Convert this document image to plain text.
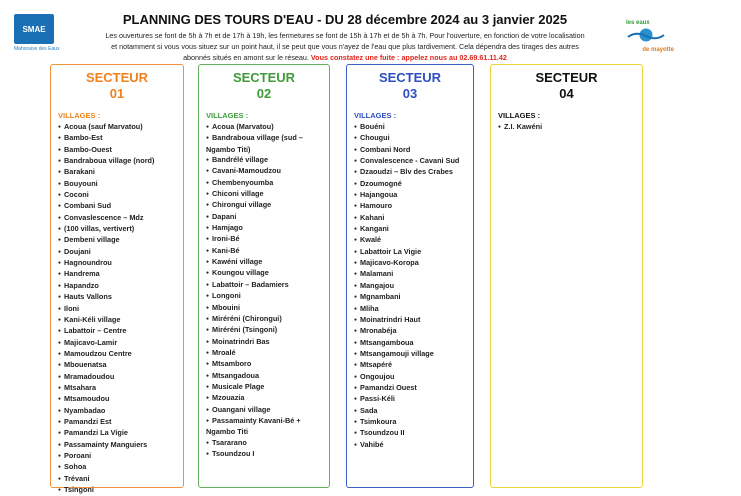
SMAE
Mahoraise des Eaux
les eaux
de mayotte
PLANNING DES TOURS D'EAU - DU 28 décembre 2024 au 3 janvier 2025
Les ouvertures se font de 5h à 7h et de 17h à 19h, les fermetures se font de 15h à 17h et de 5h à 7h. Pour l'ouverture, en fonction de votre localisation
et notamment si vous vous situez sur un point haut, il se peut que vous n'ayez de l'eau que plus tardivement. Cela dépendra des tirages des autres
abonnés situés en amont sur le réseau. Vous constatez une fuite : appelez nous au 02.69.61.11.42
SECTEUR
01
VILLAGES :
● Acoua (sauf Marvatou)
● Bambo-Est
● Bambo-Ouest
● Bandraboua village (nord)
● Barakani
● Bouyouni
● Coconi
● Combani Sud
● Convaslescence – Mdz
● (100 villas, vertivert)
● Dembeni village
● Doujani
● Hagnoundrou
● Handrema
● Hapandzo
● Hauts Vallons
● Iloni
● Kani-Kéli village
● Labattoir – Centre
● Majicavo-Lamir
● Mamoudzou Centre
● Mbouenatsa
● Mramadoudou
● Mtsahara
● Mtsamoudou
● Nyambadao
● Pamandzi Est
● Pamandzi La Vigie
● Passamainty Manguiers
● Poroani
● Sohoa
● Trévani
● Tsingoni
SECTEUR
02
VILLAGES :
● Acoua (Marvatou)
● Bandraboua village (sud – Ngambo Titi)
● Bandrélé village
● Cavani-Mamoudzou
● Chembenyoumba
● Chiconi village
● Chirongui village
● Dapani
● Hamjago
● Ironi-Bé
● Kani-Bé
● Kawéni village
● Koungou village
● Labattoir – Badamiers
● Longoni
● Mbouini
● Miréréni (Chirongui)
● Miréréni (Tsingoni)
● Moinatrindri Bas
● Mroalé
● Mtsamboro
● Mtsangadoua
● Musicale Plage
● Mzouazia
● Ouangani village
● Passamainty Kavani-Bé + Ngambo Titi
● Tsararano
● Tsoundzou I
SECTEUR
03
VILLAGES :
● Bouéni
● Chougui
● Combani Nord
● Convalescence - Cavani Sud
● Dzaoudzi – Blv des Crabes
● Dzoumogné
● Hajangoua
● Hamouro
● Kahani
● Kangani
● Kwalé
● Labattoir La Vigie
● Majicavo-Koropa
● Malamani
● Mangajou
● Mgnambani
● Mliha
● Moinatrindri Haut
● Mronabéja
● Mtsangamboua
● Mtsangamouji village
● Mtsapéré
● Ongoujou
● Pamandzi Ouest
● Passi-Kéli
● Sada
● Tsimkoura
● Tsoundzou II
● Vahibé
SECTEUR
04
VILLAGES :
● Z.I. Kawéni
